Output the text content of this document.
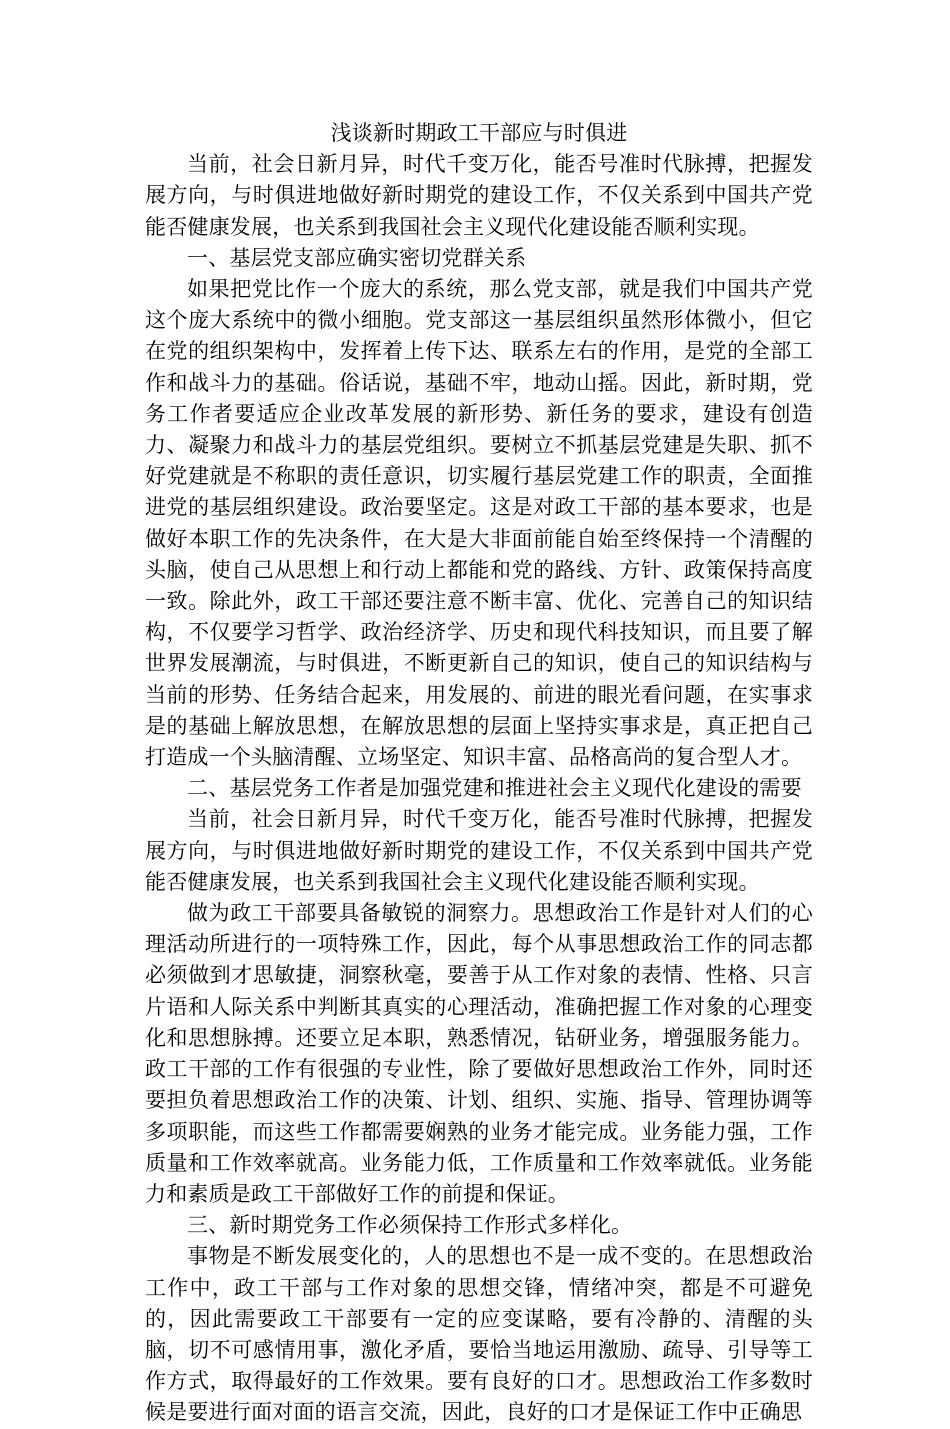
浅谈新时期政工干部应与时俱进

当前，社会日新月异，时代千变万化，能否号准时代脉搏，把握发展方向，与时俱进地做好新时期党的建设工作，不仅关系到中国共产党能否健康发展，也关系到我国社会主义现代化建设能否顺利实现。

一、基层党支部应确实密切党群关系

如果把党比作一个庞大的系统，那么党支部，就是我们中国共产党这个庞大系统中的微小细胞。党支部这一基层组织虽然形体微小，但它在党的组织架构中，发挥着上传下达、联系左右的作用，是党的全部工作和战斗力的基础。俗话说，基础不牢，地动山摇。因此，新时期，党务工作者要适应企业改革发展的新形势、新任务的要求，建设有创造力、凝聚力和战斗力的基层党组织。要树立不抓基层党建是失职、抓不好党建就是不称职的责任意识，切实履行基层党建工作的职责，全面推进党的基层组织建设。政治要坚定。这是对政工干部的基本要求，也是做好本职工作的先决条件，在大是大非面前能自始至终保持一个清醒的头脑，使自己从思想上和行动上都能和党的路线、方针、政策保持高度一致。除此外，政工干部还要注意不断丰富、优化、完善自己的知识结构，不仅要学习哲学、政治经济学、历史和现代科技知识，而且要了解世界发展潮流，与时俱进，不断更新自己的知识，使自己的知识结构与当前的形势、任务结合起来，用发展的、前进的眼光看问题，在实事求是的基础上解放思想，在解放思想的层面上坚持实事求是，真正把自己打造成一个头脑清醒、立场坚定、知识丰富、品格高尚的复合型人才。

二、基层党务工作者是加强党建和推进社会主义现代化建设的需要

当前，社会日新月异，时代千变万化，能否号准时代脉搏，把握发展方向，与时俱进地做好新时期党的建设工作，不仅关系到中国共产党能否健康发展，也关系到我国社会主义现代化建设能否顺利实现。

做为政工干部要具备敏锐的洞察力。思想政治工作是针对人们的心理活动所进行的一项特殊工作，因此，每个从事思想政治工作的同志都必须做到才思敏捷，洞察秋毫，要善于从工作对象的表情、性格、只言片语和人际关系中判断其真实的心理活动，准确把握工作对象的心理变化和思想脉搏。还要立足本职，熟悉情况，钻研业务，增强服务能力。政工干部的工作有很强的专业性，除了要做好思想政治工作外，同时还要担负着思想政治工作的决策、计划、组织、实施、指导、管理协调等多项职能，而这些工作都需要娴熟的业务才能完成。业务能力强，工作质量和工作效率就高。业务能力低，工作质量和工作效率就低。业务能力和素质是政工干部做好工作的前提和保证。

三、新时期党务工作必须保持工作形式多样化。

事物是不断发展变化的，人的思想也不是一成不变的。在思想政治工作中，政工干部与工作对象的思想交锋，情绪冲突，都是不可避免的，因此需要政工干部要有一定的应变谋略，要有冷静的、清醒的头脑，切不可感情用事，激化矛盾，要恰当地运用激励、疏导、引导等工作方式，取得最好的工作效果。要有良好的口才。思想政治工作多数时候是要进行面对面的语言交流，因此，良好的口才是保证工作中正确思
